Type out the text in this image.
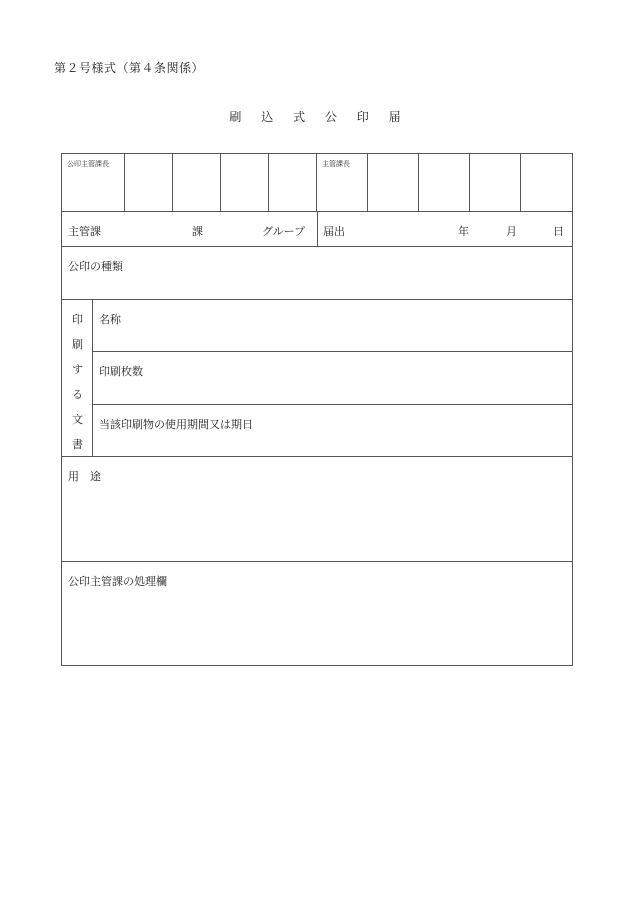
第２号様式（第４条関係）
刷 込 式 公 印 届
公印主管課長	主管課長
主管課	課	グループ 届出	年	月	日
公印の種類
印
刷
す
る
文
書
名称
印刷枚数
当該印刷物の使用期間又は期日
用　途
公印主管課の処理欄
